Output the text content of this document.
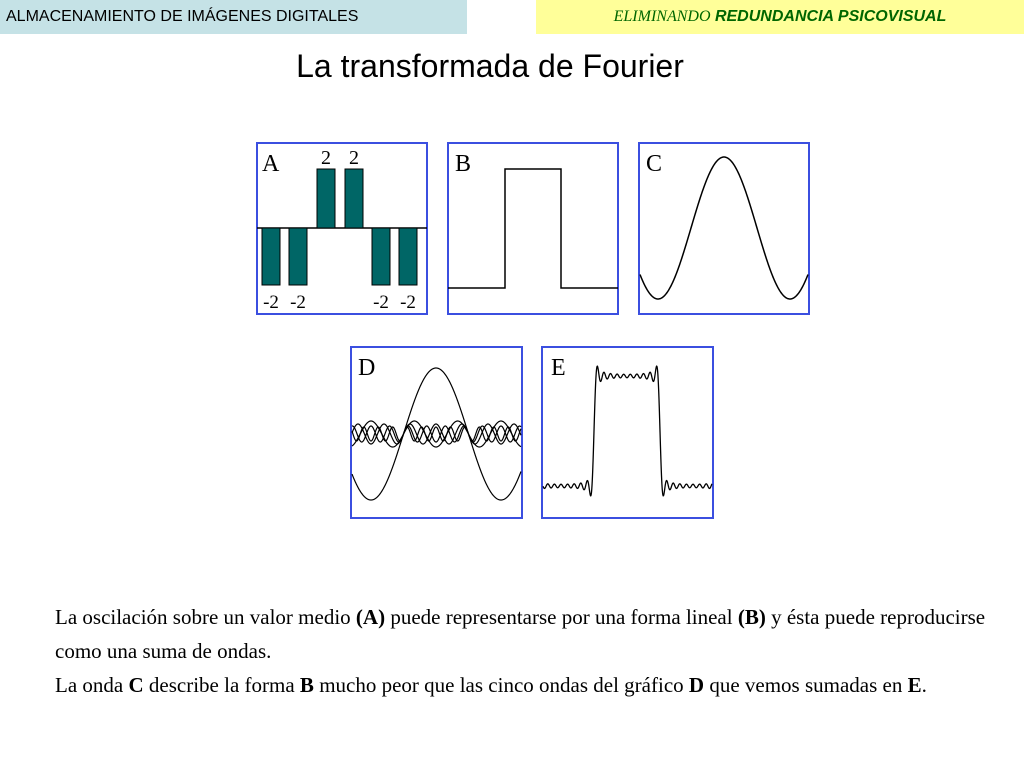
ALMACENAMIENTO DE IMÁGENES DIGITALES	ELIMINANDO REDUNDANCIA PSICOVISUAL
La transformada de Fourier
A 2 2
-2 -2	-2 -2
B	C
D	E

La oscilación sobre un valor medio (A) puede representarse por una forma lineal (B) y ésta puede reproducirse como una suma de ondas.

La onda C describe la forma B mucho peor que las cinco ondas del gráfico D que vemos sumadas en E.
